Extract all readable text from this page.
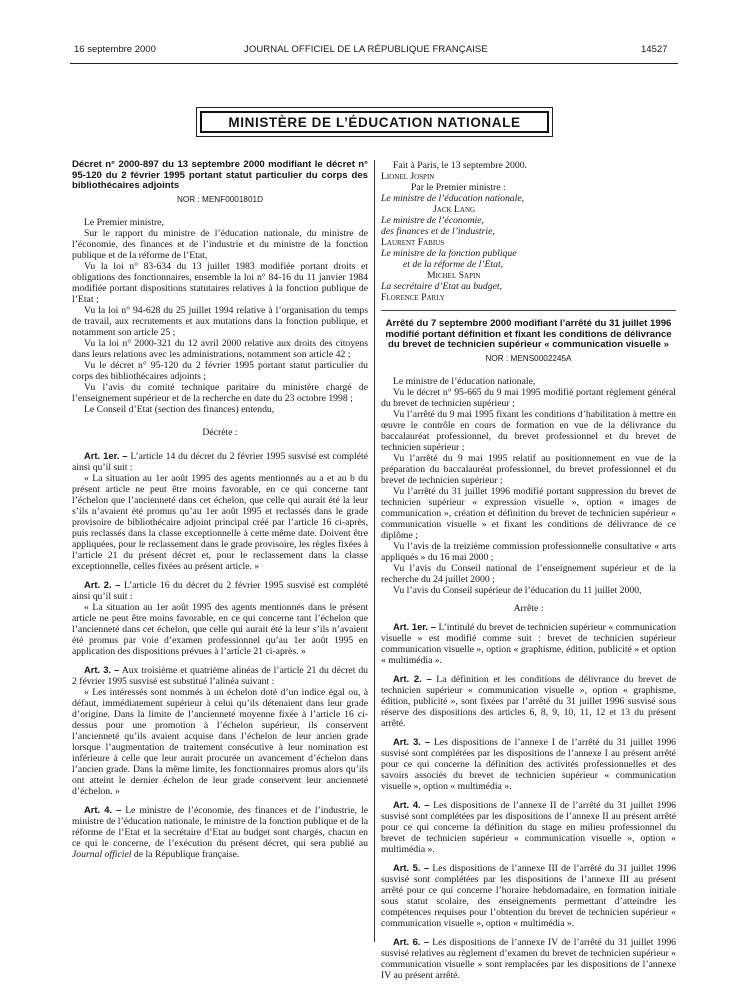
16 septembre 2000	JOURNAL OFFICIEL DE LA RÉPUBLIQUE FRANÇAISE	14527
MINISTÈRE DE L’ÉDUCATION NATIONALE

Décret n° 2000-897 du 13 septembre 2000 modifiant le décret n° 95-120 du 2 février 1995 portant statut particulier du corps des bibliothécaires adjoints

NOR : MENF0001801D

Le Premier ministre,

Sur le rapport du ministre de l’éducation nationale, du ministre de l’économie, des finances et de l’industrie et du ministre de la fonction publique et de la réforme de l’Etat,

Vu la loi n° 83-634 du 13 juillet 1983 modifiée portant droits et obligations des fonctionnaires, ensemble la loi n° 84-16 du 11 janvier 1984 modifiée portant dispositions statutaires relatives à la fonction publique de l’Etat ;

Vu la loi n° 94-628 du 25 juillet 1994 relative à l’organisation du temps de travail, aux recrutements et aux mutations dans la fonction publique, et notamment son article 25 ;

Vu la loi n° 2000-321 du 12 avril 2000 relative aux droits des citoyens dans leurs relations avec les administrations, notamment son article 42 ;

Vu le décret n° 95-120 du 2 février 1995 portant statut particulier du corps des bibliothécaires adjoints ;

Vu l’avis du comité technique paritaire du ministère chargé de l’enseignement supérieur et de la recherche en date du 23 octobre 1998 ;

Le Conseil d’Etat (section des finances) entendu,

Décrète :

Art. 1er. – L’article 14 du décret du 2 février 1995 susvisé est complété ainsi qu’il suit :

« La situation au 1er août 1995 des agents mentionnés au a et au b du présent article ne peut être moins favorable, en ce qui concerne tant l’échelon que l’ancienneté dans cet échelon, que celle qui aurait été la leur s’ils n’avaient été promus qu’au 1er août 1995 et reclassés dans le grade provisoire de bibliothécaire adjoint principal créé par l’article 16 ci-après, puis reclassés dans la classe exceptionnelle à cette même date. Doivent être appliquées, pour le reclassement dans le grade provisoire, les règles fixées à l’article 21 du présent décret et, pour le reclassement dans la classe exceptionnelle, celles fixées au présent article. »

Art. 2. – L’article 16 du décret du 2 février 1995 susvisé est complété ainsi qu’il suit :

« La situation au 1er août 1995 des agents mentionnés dans le présent article ne peut être moins favorable, en ce qui concerne tant l’échelon que l’ancienneté dans cet échelon, que celle qui aurait été la leur s’ils n’avaient été promus par voie d’examen professionnel qu’au 1er août 1995 en application des dispositions prévues à l’article 21 ci-après. »

Art. 3. – Aux troisième et quatrième alinéas de l’article 21 du décret du 2 février 1995 susvisé est substitué l’alinéa suivant :

« Les intéressés sont nommés à un échelon doté d’un indice égal ou, à défaut, immédiatement supérieur à celui qu’ils détenaient dans leur grade d’origine. Dans la limite de l’ancienneté moyenne fixée à l’article 16 ci-dessus pour une promotion à l’échelon supérieur, ils conservent l’ancienneté qu’ils avaient acquise dans l’échelon de leur ancien grade lorsque l’augmentation de traitement consécutive à leur nomination est inférieure à celle que leur aurait procurée un avancement d’échelon dans l’ancien grade. Dans la même limite, les fonctionnaires promus alors qu’ils ont atteint le dernier échelon de leur grade conservent leur ancienneté d’échelon. »

Art. 4. – Le ministre de l’économie, des finances et de l’industrie, le ministre de l’éducation nationale, le ministre de la fonction publique et de la réforme de l’Etat et la secrétaire d’Etat au budget sont chargés, chacun en ce qui le concerne, de l’exécution du présent décret, qui sera publié au Journal officiel de la République française.

Fait à Paris, le 13 septembre 2000.

Lionel Jospin

Par le Premier ministre :

Le ministre de l’éducation nationale,

Jack Lang

Le ministre de l’économie,

des finances et de l’industrie,

Laurent Fabius

Le ministre de la fonction publique

et de la réforme de l’Etat,

Michel Sapin

La secrétaire d’Etat au budget,

Florence Parly

Arrêté du 7 septembre 2000 modifiant l’arrêté du 31 juillet 1996 modifié portant définition et fixant les conditions de délivrance du brevet de technicien supérieur « communication visuelle »

NOR : MENS0002245A

Le ministre de l’éducation nationale,

Vu le décret n° 95-665 du 9 mai 1995 modifié portant règlement général du brevet de technicien supérieur ;

Vu l’arrêté du 9 mai 1995 fixant les conditions d’habilitation à mettre en œuvre le contrôle en cours de formation en vue de la délivrance du baccalauréat professionnel, du brevet professionnel et du brevet de technicien supérieur ;

Vu l’arrêté du 9 mai 1995 relatif au positionnement en vue de la préparation du baccalauréat professionnel, du brevet professionnel et du brevet de technicien supérieur ;

Vu l’arrêté du 31 juillet 1996 modifié portant suppression du brevet de technicien supérieur « expression visuelle », option « images de communication », création et définition du brevet de technicien supérieur « communication visuelle » et fixant les conditions de délivrance de ce diplôme ;

Vu l’avis de la treizième commission professionnelle consultative « arts appliqués » du 16 mai 2000 ;

Vu l’avis du Conseil national de l’enseignement supérieur et de la recherche du 24 juillet 2000 ;

Vu l’avis du Conseil supérieur de l’éducation du 11 juillet 2000,

Arrête :

Art. 1er. – L’intitulé du brevet de technicien supérieur « communication visuelle » est modifié comme suit : brevet de technicien supérieur communication visuelle », option « graphisme, édition, publicité » et option « multimédia ».

Art. 2. – La définition et les conditions de délivrance du brevet de technicien supérieur « communication visuelle », option « graphisme, édition, publicité », sont fixées par l’arrêté du 31 juillet 1996 susvisé sous réserve des dispositions des articles 6, 8, 9, 10, 11, 12 et 13 du présent arrêté.

Art. 3. – Les dispositions de l’annexe I de l’arrêté du 31 juillet 1996 susvisé sont complétées par les dispositions de l’annexe I au présent arrêté pour ce qui concerne la définition des activités professionnelles et des savoirs associés du brevet de technicien supérieur « communication visuelle », option « multimédia ».

Art. 4. – Les dispositions de l’annexe II de l’arrêté du 31 juillet 1996 susvisé sont complétées par les dispositions de l’annexe II au présent arrêté pour ce qui concerne la définition du stage en milieu professionnel du brevet de technicien supérieur « communication visuelle », option « multimédia ».

Art. 5. – Les dispositions de l’annexe III de l’arrêté du 31 juillet 1996 susvisé sont complétées par les dispositions de l’annexe III au présent arrêté pour ce qui concerne l’horaire hebdomadaire, en formation initiale sous statut scolaire, des enseignements permettant d’atteindre les compétences requises pour l’obtention du brevet de technicien supérieur « communication visuelle », option « multimédia ».

Art. 6. – Les dispositions de l’annexe IV de l’arrêté du 31 juillet 1996 susvisé relatives au règlement d’examen du brevet de technicien supérieur « communication visuelle » sont remplacées par les dispositions de l’annexe IV au présent arrêté.
